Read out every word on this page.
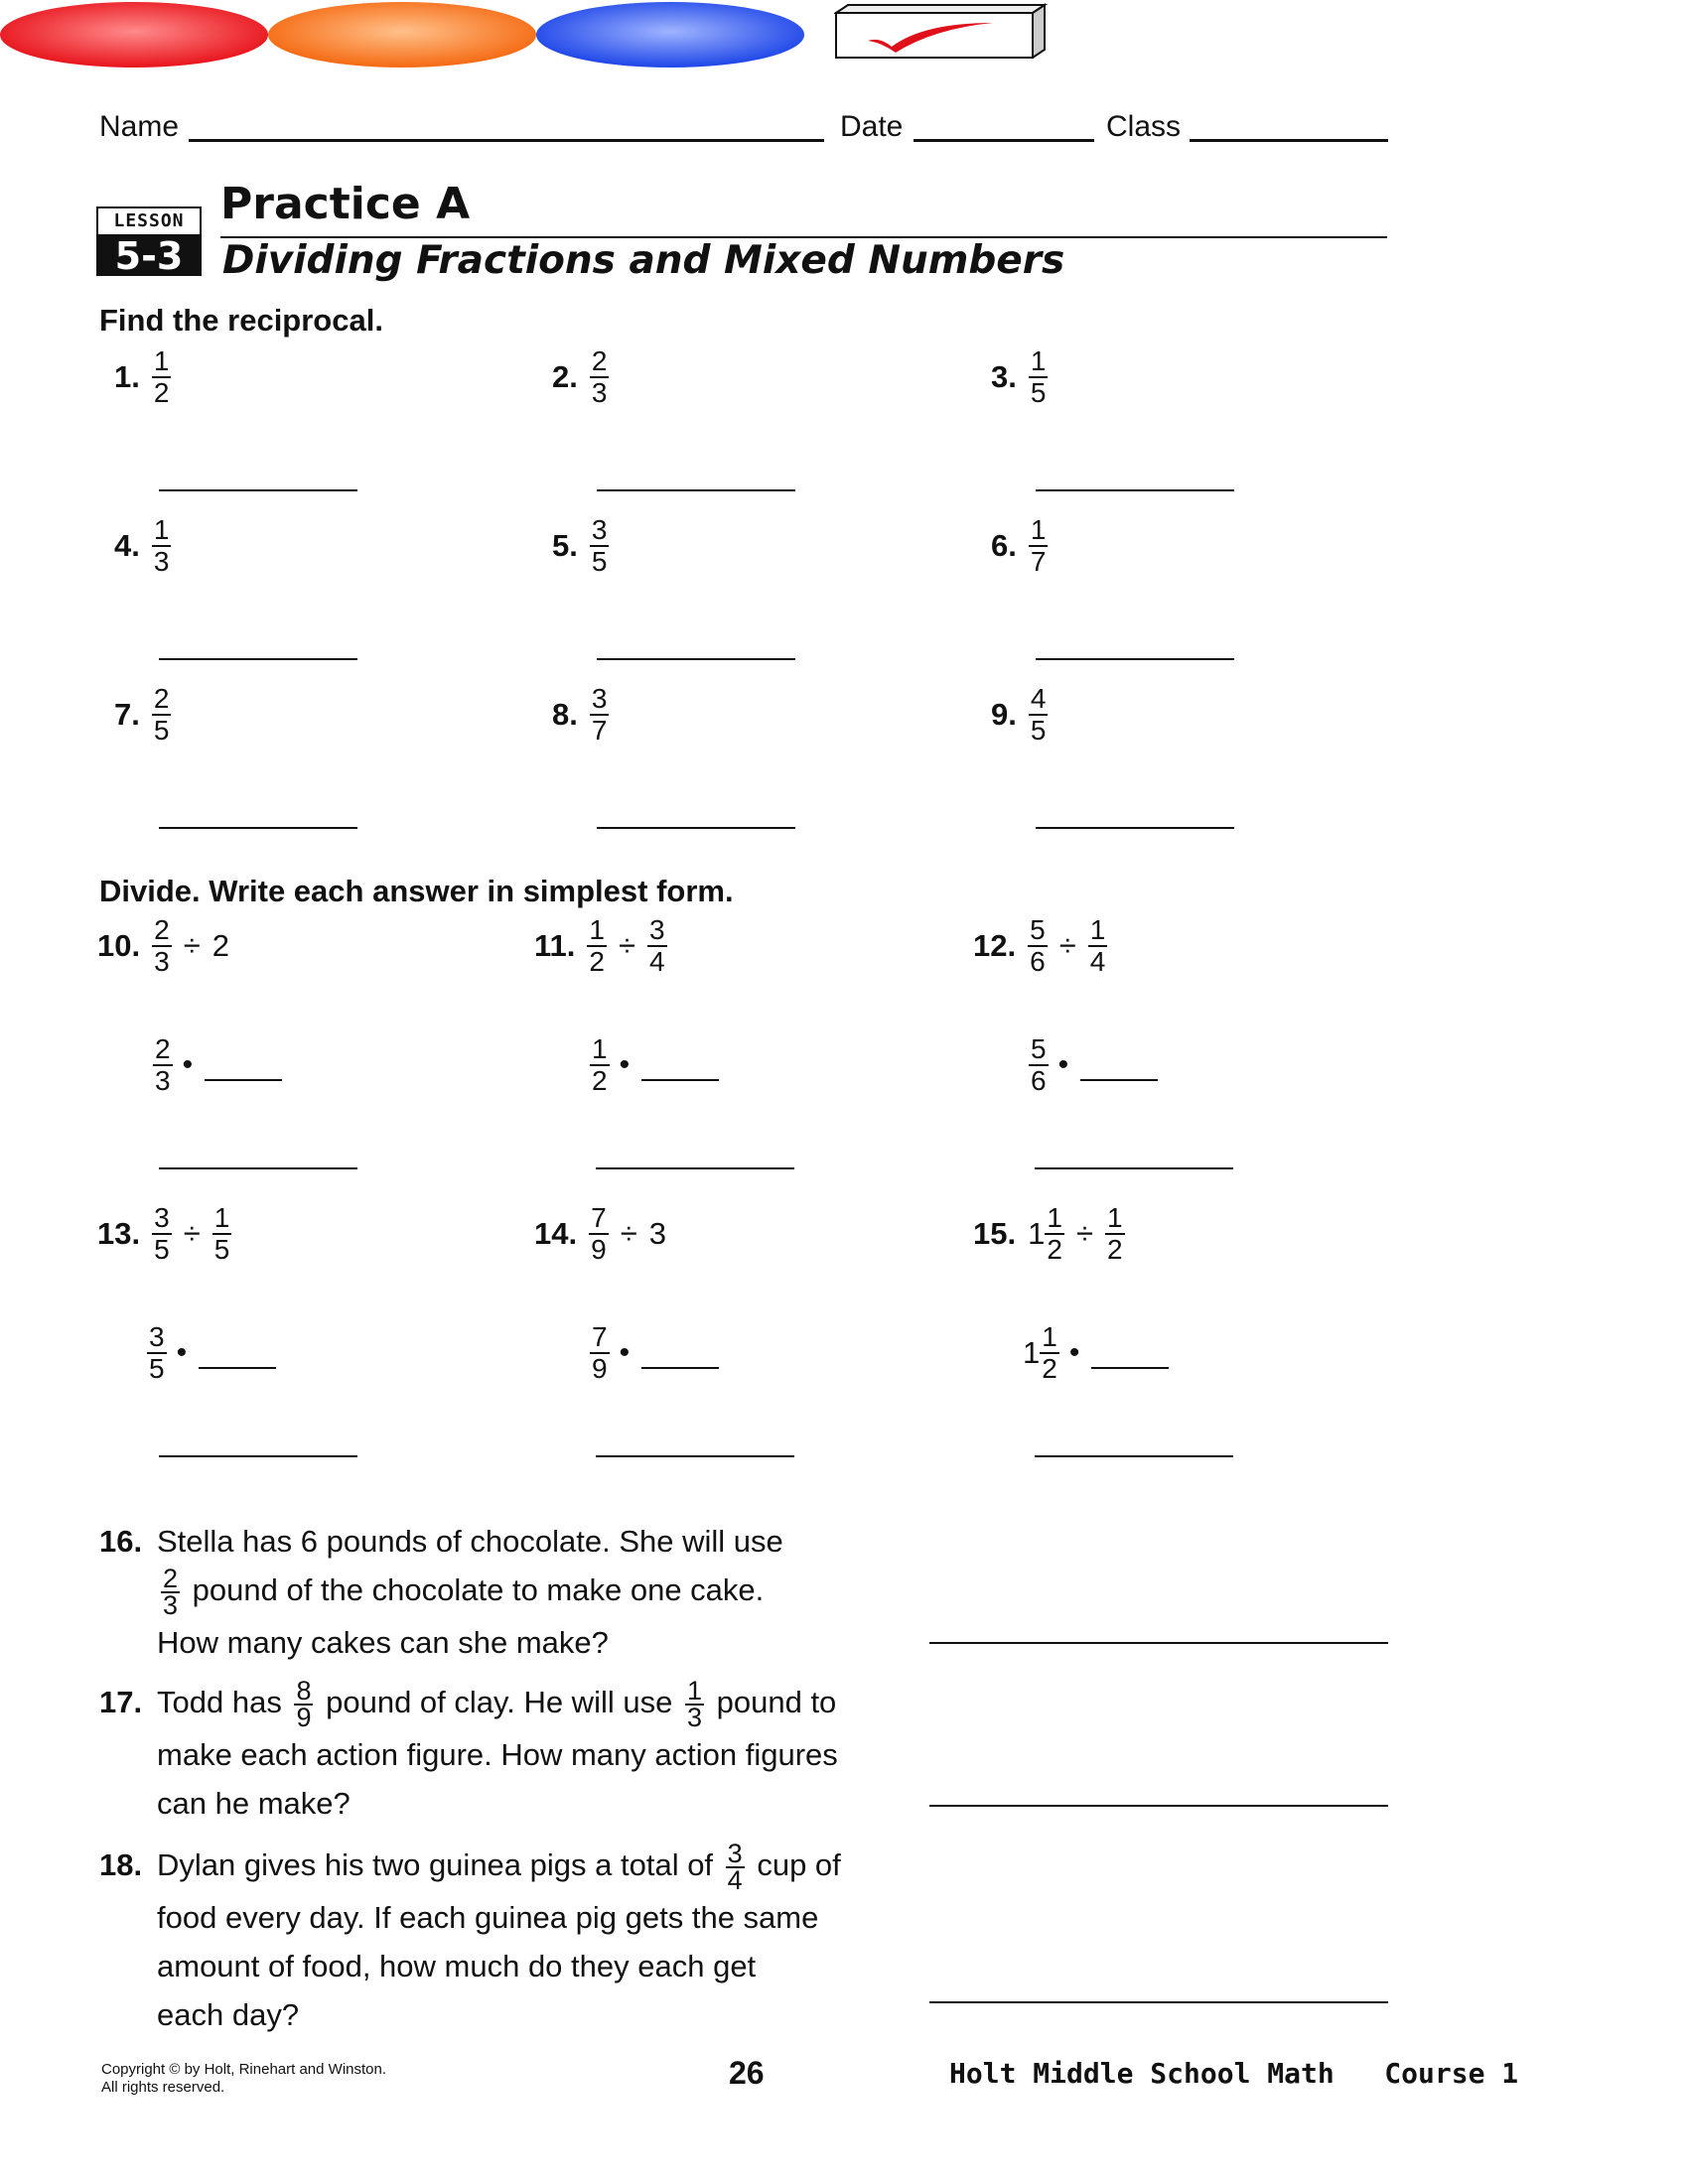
Name	Date	Class
LESSON
5-3
Practice A
Dividing Fractions and Mixed Numbers
Find the reciprocal.
1. $\frac{1}{2}$	2. $\frac{2}{3}$	3. $\frac{1}{5}$
4. $\frac{1}{3}$	5. $\frac{3}{5}$	6. $\frac{1}{7}$
7. $\frac{2}{5}$	8. $\frac{3}{7}$	9. $\frac{4}{5}$
Divide. Write each answer in simplest form.
10. $\frac{2}{3} \div 2$
$\frac{2}{3}$ •
11. $\frac{1}{2} \div \frac{3}{4}$
$\frac{1}{2}$ •
12. $\frac{5}{6} \div \frac{1}{4}$
$\frac{5}{6}$ •
13. $\frac{3}{5} \div \frac{1}{5}$
$\frac{3}{5}$ •
14. $\frac{7}{9} \div 3$
$\frac{7}{9}$ •
15. $1 \frac{1}{2} \div \frac{1}{2}$
$1 \frac{1}{2}$ •
16. Stella has 6 pounds of chocolate. She will use
$\frac{2}{3}$ pound of the chocolate to make one cake.
How many cakes can she make?
17. Todd has $\frac{8}{9}$ pound of clay. He will use $\frac{1}{3}$ pound to
make each action figure. How many action figures
can he make?
18. Dylan gives his two guinea pigs a total of $\frac{3}{4}$ cup of
food every day. If each guinea pig gets the same
amount of food, how much do they each get
each day?
Copyright © by Holt, Rinehart and Winston.
All rights reserved.	26	Holt Middle School Math   Course 1
